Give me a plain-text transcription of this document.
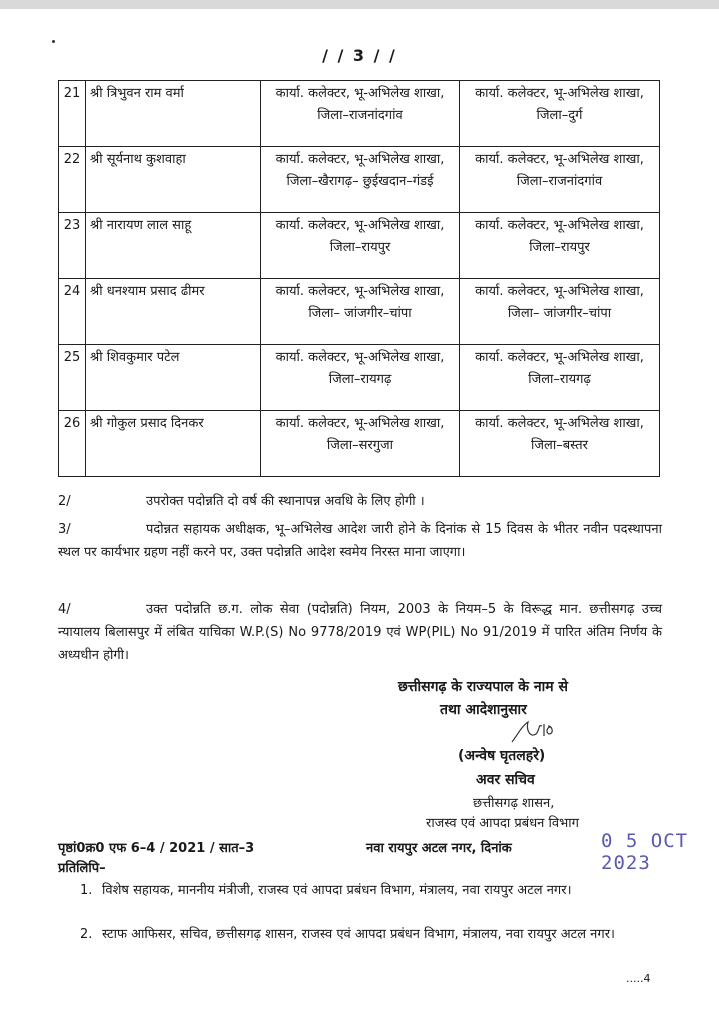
/ / 3 / /
21	श्री त्रिभुवन राम वर्मा	कार्या. कलेक्टर, भू-अभिलेख शाखा, जिला–राजनांदगांव	कार्या. कलेक्टर, भू-अभिलेख शाखा, जिला–दुर्ग
22	श्री सूर्यनाथ कुशवाहा	कार्या. कलेक्टर, भू-अभिलेख शाखा, जिला–खैरागढ़– छुईखदान–गंडई	कार्या. कलेक्टर, भू-अभिलेख शाखा, जिला–राजनांदगांव
23	श्री नारायण लाल साहू	कार्या. कलेक्टर, भू-अभिलेख शाखा, जिला–रायपुर	कार्या. कलेक्टर, भू-अभिलेख शाखा, जिला–रायपुर
24	श्री धनश्याम प्रसाद ढीमर	कार्या. कलेक्टर, भू-अभिलेख शाखा, जिला– जांजगीर–चांपा	कार्या. कलेक्टर, भू-अभिलेख शाखा, जिला– जांजगीर–चांपा
25	श्री शिवकुमार पटेल	कार्या. कलेक्टर, भू-अभिलेख शाखा, जिला–रायगढ़	कार्या. कलेक्टर, भू-अभिलेख शाखा, जिला–रायगढ़
26	श्री गोकुल प्रसाद दिनकर	कार्या. कलेक्टर, भू-अभिलेख शाखा, जिला–सरगुजा	कार्या. कलेक्टर, भू-अभिलेख शाखा, जिला–बस्तर
2/	उपरोक्त पदोन्नति दो वर्ष की स्थानापन्न अवधि के लिए होगी ।
3/	पदोन्नत सहायक अधीक्षक, भू–अभिलेख आदेश जारी होने के दिनांक से 15 दिवस के भीतर नवीन पदस्थापना स्थल पर कार्यभार ग्रहण नहीं करने पर, उक्त पदोन्नति आदेश स्वमेय निरस्त माना जाएगा।
4/	उक्त पदोन्नति छ.ग. लोक सेवा (पदोन्नति) नियम, 2003 के नियम–5 के विरूद्ध मान. छत्तीसगढ़ उच्च न्यायालय बिलासपुर में लंबित याचिका W.P.(S) No 9778/2019 एवं WP(PIL) No 91/2019 में पारित अंतिम निर्णय के अध्यधीन होगी।
छत्तीसगढ़ के राज्यपाल के नाम से
तथा आदेशानुसार
(अन्वेष घृतलहरे)
अवर सचिव
छत्तीसगढ़ शासन,
राजस्व एवं आपदा प्रबंधन विभाग
पृष्ठां0क्र0 एफ 6–4 / 2021 / सात–3	नवा रायपुर अटल नगर, दिनांक	0 5 OCT 2023
प्रतिलिपि–
1. विशेष सहायक, माननीय मंत्रीजी, राजस्व एवं आपदा प्रबंधन विभाग, मंत्रालय, नवा रायपुर अटल नगर।
2. स्टाफ आफिसर, सचिव, छत्तीसगढ़ शासन, राजस्व एवं आपदा प्रबंधन विभाग, मंत्रालय, नवा रायपुर अटल नगर।
.....4
